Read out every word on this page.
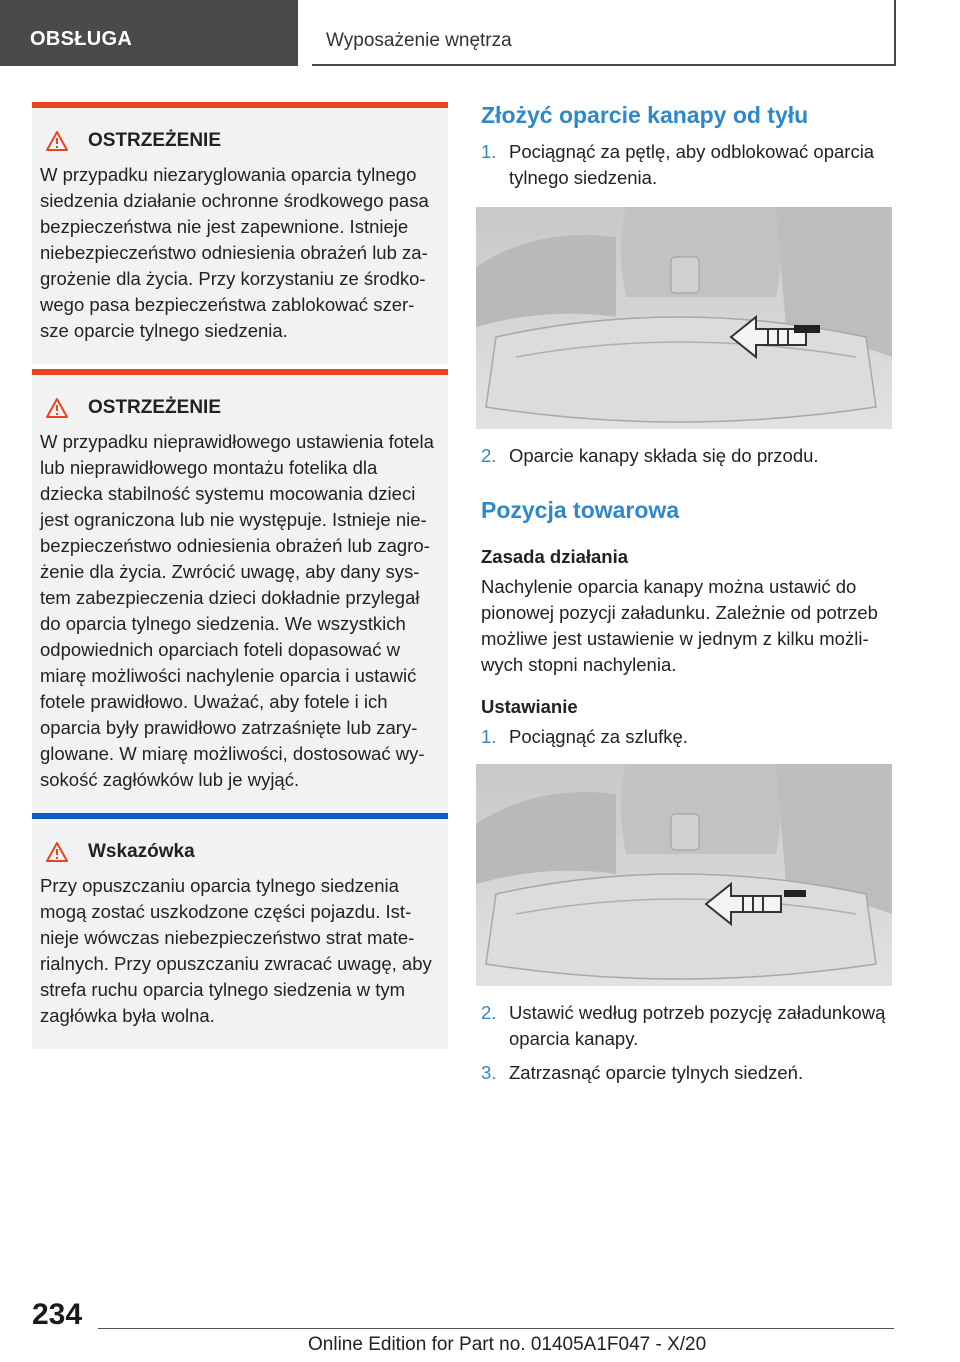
OBSŁUGA	Wyposażenie wnętrza
OSTRZEŻENIE
W przypadku niezaryglowania oparcia tylnego siedzenia działanie ochronne środkowego pasa bezpieczeństwa nie jest zapewnione. Istnieje niebezpieczeństwo odniesienia obrażeń lub zagrożenie dla życia. Przy korzystaniu ze środkowego pasa bezpieczeństwa zablokować szersze oparcie tylnego siedzenia.
OSTRZEŻENIE
W przypadku nieprawidłowego ustawienia fotela lub nieprawidłowego montażu fotelika dla dziecka stabilność systemu mocowania dzieci jest ograniczona lub nie występuje. Istnieje niebezpieczeństwo odniesienia obrażeń lub zagrożenie dla życia. Zwrócić uwagę, aby dany system zabezpieczenia dzieci dokładnie przylegał do oparcia tylnego siedzenia. We wszystkich odpowiednich oparciach foteli dopasować w miarę możliwości nachylenie oparcia i ustawić fotele prawidłowo. Uważać, aby fotele i ich oparcia były prawidłowo zatrzaśnięte lub zaryglowane. W miarę możliwości, dostosować wysokość zagłówków lub je wyjąć.
Wskazówka
Przy opuszczaniu oparcia tylnego siedzenia mogą zostać uszkodzone części pojazdu. Istnieje wówczas niebezpieczeństwo strat materialnych. Przy opuszczaniu zwracać uwagę, aby strefa ruchu oparcia tylnego siedzenia w tym zagłówka była wolna.
Złożyć oparcie kanapy od tyłu
1. Pociągnąć za pętlę, aby odblokować oparcia tylnego siedzenia.
2. Oparcie kanapy składa się do przodu.
Pozycja towarowa
Zasada działania
Nachylenie oparcia kanapy można ustawić do pionowej pozycji załadunku. Zależnie od potrzeb możliwe jest ustawienie w jednym z kilku możliwych stopni nachylenia.
Ustawianie
1. Pociągnąć za szlufkę.
2. Ustawić według potrzeb pozycję załadunkową oparcia kanapy.
3. Zatrzasnąć oparcie tylnych siedzeń.
234
Online Edition for Part no. 01405A1F047 - X/20
